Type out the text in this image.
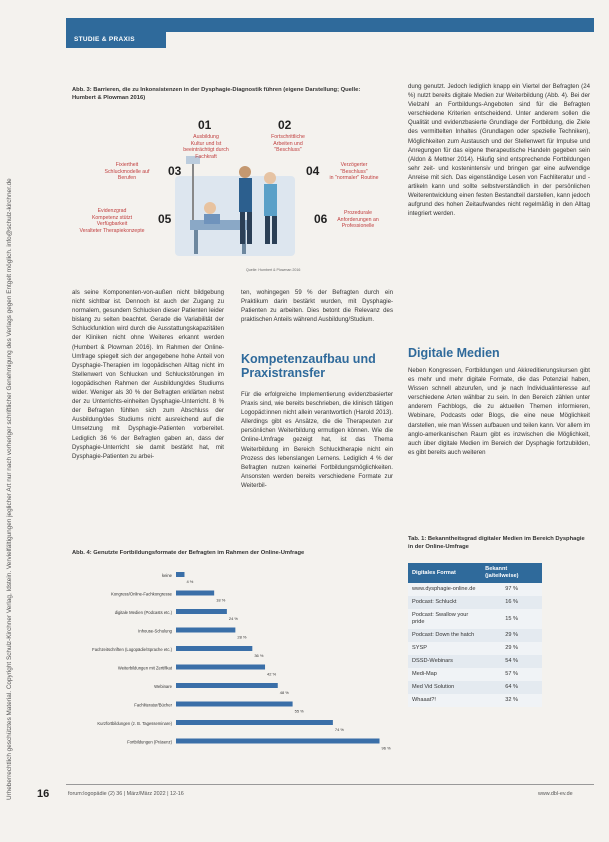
STUDIE & PRAXIS
Urheberrechtlich geschütztes Material. Copyright Schulz-Kirchner Verlag, Idstein. Vervielfältigungen jeglicher Art nur nach vorheriger schriftlicher Genehmigung des Verlags gegen Entgelt möglich. info@schulz-kirchner.de
Abb. 3: Barrieren, die zu Inkonsistenzen in der Dysphagie-Diagnostik führen (eigene Darstellung; Quelle: Humbert & Plowman 2016)
01
Ausbildung
Kultur und Ist
beeinträchtigt durch Fachkraft
02
Fortschrittliche
Arbeiten und
"Beschluss"
03
Fixiertheit
Schluckmodelle auf
Berufen	04	Verzögerter
"Beschluss"
in "normaler" Routine
05
Evidenzgrad
Kompetenz stützt
Verfügbarkeit
Veralteter Therapiekonzepte
06	Prozedurale
Anforderungen an
Professionelle
Quelle: Humbert & Plowman 2016

als seine Komponenten-von-außen nicht bildgebung nicht sichtbar ist. Dennoch ist auch der Zugang zu normalem, gesundem Schlucken dieser Patienten leider bislang zu selten beachtet. Gerade die Variabilität der Schluckfunktion wird durch die Ausstattungskapazitäten der Kliniken nicht ohne Weiteres erkannt werden (Humbert & Plowman 2016). Im Rahmen der Online-Umfrage spiegelt sich der angegebene hohe Anteil von Dysphagie-Therapien im logopädischen Alltag nicht im Stellenwert von Schlucken und Schluckstörungen im logopädischen Rahmen der Ausbildung/des Studiums wider. Weniger als 30 % der Befragten erklärten nebst der zu Unterrichts-einheiten Dysphagie-Unterricht. 8 % der Befragten fühlten sich zum Abschluss der Ausbildung/des Studiums nicht ausreichend auf die Umsetzung mit Dysphagie-Patienten vorbereitet. Lediglich 36 % der Befragten gaben an, dass der Dysphagie-Unterricht sie damit bestärkt hat, mit Dysphagie-Patienten zu arbei-

ten, wohingegen 59 % der Befragten durch ein Praktikum darin bestärkt wurden, mit Dysphagie-Patienten zu arbeiten. Dies betont die Relevanz des praktischen Anteils während Ausbildung/Studium.

Kompetenzaufbau und Praxistransfer

Für die erfolgreiche Implementierung evidenzbasierter Praxis sind, wie bereits beschrieben, die klinisch tätigen Logopäd:innen nicht allein verantwortlich (Harold 2013). Allerdings gibt es Ansätze, die die Therapeuten zur persönlichen Weiterbildung ermutigen können. Wie die Online-Umfrage gezeigt hat, ist das Thema Weiterbildung im Bereich Schlucktherapie nicht ein Prozess des lebenslangen Lernens. Lediglich 4 % der Befragten nutzen keinerlei Fortbildungsmöglichkeiten. Ansonsten werden bereits verschiedene Formate zur Weiterbil-

dung genutzt. Jedoch lediglich knapp ein Viertel der Befragten (24 %) nutzt bereits digitale Medien zur Weiterbildung (Abb. 4). Bei der Vielzahl an Fortbildungs-Angeboten sind für die Befragten verschiedene Kriterien entscheidend. Unter anderem sollen die Qualität und evidenzbasierte Grundlage der Fortbildung, die Ziele des vermittelten Inhaltes (Grundlagen oder spezielle Techniken), Möglichkeiten zum Austausch und der Stellenwert für Impulse und Anregungen für das eigene therapeutische Handeln gegeben sein (Aldon & Mettner 2014). Häufig sind entsprechende Fortbildungen sehr zeit- und kostenintensiv und bringen gar eine aufwendige Anreise mit sich. Das eigenständige Lesen von Fachliteratur und -artikeln kann und sollte selbstverständlich in der persönlichen Weiterentwicklung einen festen Bestandteil darstellen, kann jedoch aufgrund des hohen Zeitaufwandes nicht regelmäßig in den Alltag integriert werden.

Digitale Medien

Neben Kongressen, Fortbildungen und Akkreditierungskursen gibt es mehr und mehr digitale Formate, die das Potenzial haben, Wissen schnell abzurufen, und je nach Individualinteresse auf verschiedene Arten wählbar zu sein. In den Bereich zählen unter anderem Fachblogs, die zu aktuellen Themen informieren, Webinare, Podcasts oder Blogs, die eine neue Möglichkeit darstellen, wie man Wissen aufbauen und teilen kann. Vor allem im anglo-amerikanischen Raum gibt es inzwischen die Möglichkeit, auch über digitale Medien im Bereich der Dysphagie fortzubilden, es gibt bereits auch weiteren

Abb. 4: Genutzte Fortbildungsformate der Befragten im Rahmen der Online-Umfrage
keine
4 %
Kongress/Online-Fachkongresse
18 %
digitale Medien (Podcasts etc.)
24 %
Inhouse-Schulung
28 %
Fachzeitschriften (Logopädie/Sprache etc.)
36 %
Weiterbildungen mit Zertifikat
42 %
Webinare
48 %
Fachliteratur/Bücher
55 %
Kurzfortbildungen (z. B. Tagesseminare)
74 %
Fortbildungen (Präsenz)
96 %
Tab. 1: Bekanntheitsgrad digitaler Medien im Bereich Dysphagie in der Online-Umfrage
Digitales Format	Bekannt (ja/teilweise)
www.dysphagie-online.de	97 %
Podcast: Schluckt	16 %
Podcast: Swallow your pride	15 %
Podcast: Down the hatch	29 %
SYSP	29 %
DSSD-Webinars	54 %
Medi-Map	57 %
Med Vid Solution	64 %
Whaaat?!	32 %
16	forum:logopädie (2) 36 | März/März 2022 | 12-16	www.dbl-ev.de
